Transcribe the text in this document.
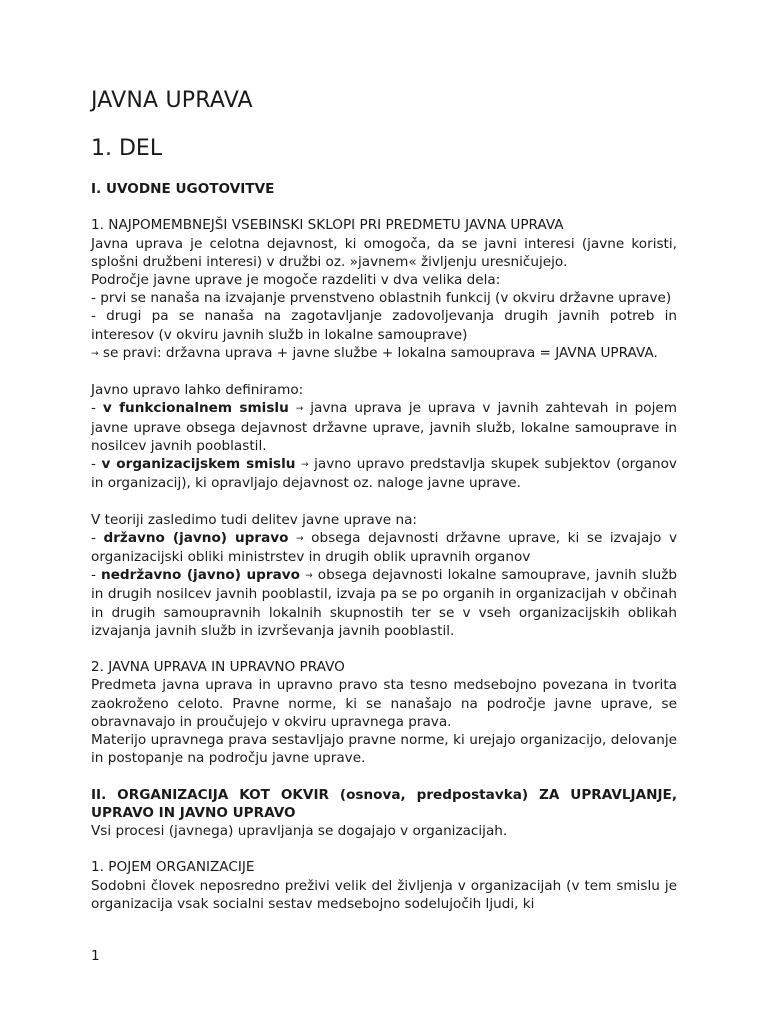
JAVNA UPRAVA
1. DEL

I. UVODNE UGOTOVITVE

1. NAJPOMEMBNEJŠI VSEBINSKI SKLOPI PRI PREDMETU JAVNA UPRAVA

Javna uprava je celotna dejavnost, ki omogoča, da se javni interesi (javne koristi, splošni družbeni interesi) v družbi oz. »javnem« življenju uresničujejo.

Področje javne uprave je mogoče razdeliti v dva velika dela:

- prvi se nanaša na izvajanje prvenstveno oblastnih funkcij (v okviru državne uprave)

- drugi pa se nanaša na zagotavljanje zadovoljevanja drugih javnih potreb in interesov (v okviru javnih služb in lokalne samouprave)

→ se pravi: državna uprava + javne službe + lokalna samouprava = JAVNA UPRAVA.

Javno upravo lahko definiramo:

- v funkcionalnem smislu → javna uprava je uprava v javnih zahtevah in pojem javne uprave obsega dejavnost državne uprave, javnih služb, lokalne samouprave in nosilcev javnih pooblastil.

- v organizacijskem smislu → javno upravo predstavlja skupek subjektov (organov in organizacij), ki opravljajo dejavnost oz. naloge javne uprave.

V teoriji zasledimo tudi delitev javne uprave na:

- državno (javno) upravo → obsega dejavnosti državne uprave, ki se izvajajo v organizacijski obliki ministrstev in drugih oblik upravnih organov

- nedržavno (javno) upravo → obsega dejavnosti lokalne samouprave, javnih služb in drugih nosilcev javnih pooblastil, izvaja pa se po organih in organizacijah v občinah in drugih samoupravnih lokalnih skupnostih ter se v vseh organizacijskih oblikah izvajanja javnih služb in izvrševanja javnih pooblastil.

2. JAVNA UPRAVA IN UPRAVNO PRAVO

Predmeta javna uprava in upravno pravo sta tesno medsebojno povezana in tvorita zaokroženo celoto. Pravne norme, ki se nanašajo na področje javne uprave, se obravnavajo in proučujejo v okviru upravnega prava.

Materijo upravnega prava sestavljajo pravne norme, ki urejajo organizacijo, delovanje in postopanje na področju javne uprave.

II. ORGANIZACIJA KOT OKVIR (osnova, predpostavka) ZA UPRAVLJANJE, UPRAVO IN JAVNO UPRAVO

Vsi procesi (javnega) upravljanja se dogajajo v organizacijah.

1. POJEM ORGANIZACIJE

Sodobni človek neposredno preživi velik del življenja v organizacijah (v tem smislu je organizacija vsak socialni sestav medsebojno sodelujočih ljudi, ki

1
